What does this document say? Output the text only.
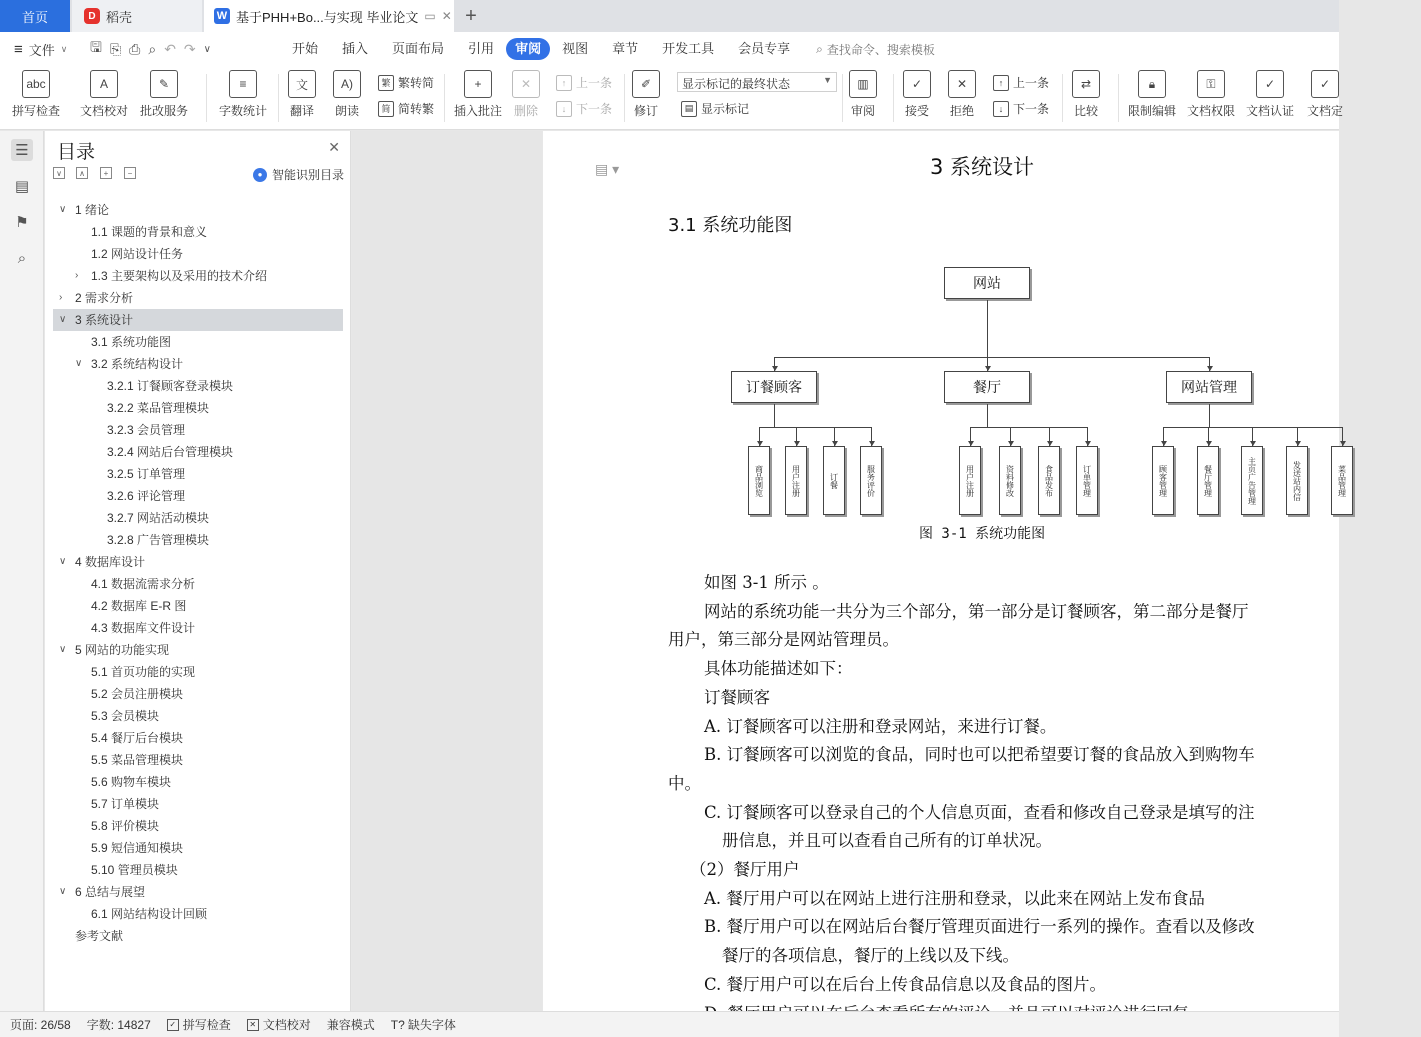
首页	D 稻壳	W 基于PHH+Bo...与实现 毕业论文 ▭ ✕ +
≡ 文件 ∨ 🖫 ⎘ ⎙ ⌕ ↶ ↷ ∨	开始	插入	页面布局	引用	审阅	视图	章节	开发工具	会员专享	⌕ 查找命令、搜索模板
abc
拼写检查
A
文档校对
✎
批改服务
≡
字数统计
文
翻译
A)
朗读
繁 繁转简
简 简转繁
+
插入批注
✕
删除
↑ 上一条
↓ 下一条
✐
修订
显示标记的最终状态	▼
▤ 显示标记
▥
审阅
✓
接受
✕
拒绝
↑ 上一条
↓ 下一条
⇄
比较
🔒︎
限制编辑
⚿
文档权限
✓
文档认证
✓
文档定
☰
▤
⚑
⌕
目录	✕
∨	∧	+	−	● 智能识别目录
∨ 1 绪论
1.1 课题的背景和意义
1.2 网站设计任务
› 1.3 主要架构以及采用的技术介绍
› 2 需求分析
∨ 3 系统设计
3.1 系统功能图
∨ 3.2 系统结构设计
3.2.1 订餐顾客登录模块
3.2.2 菜品管理模块
3.2.3 会员管理
3.2.4 网站后台管理模块
3.2.5 订单管理
3.2.6 评论管理
3.2.7 网站活动模块
3.2.8 广告管理模块
∨ 4 数据库设计
4.1 数据流需求分析
4.2 数据库 E-R 图
4.3 数据库文件设计
∨ 5 网站的功能实现
5.1 首页功能的实现
5.2 会员注册模块
5.3 会员模块
5.4 餐厅后台模块
5.5 菜品管理模块
5.6 购物车模块
5.7 订单模块
5.8 评价模块
5.9 短信通知模块
5.10 管理员模块
∨ 6 总结与展望
6.1 网站结构设计回顾
参考文献
▤ ▾	3 系统设计
3.1 系统功能图
网站
订餐顾客
商品浏览	用户注册	订餐	服务评价
餐厅
用户注册	资料修改	食品发布	订单管理
网站管理
顾客管理	餐厅管理	主页广告管理	发送站内信	菜品管理
图 3-1 系统功能图
如图 3-1 所示 。
网站的系统功能一共分为三个部分，第一部分是订餐顾客，第二部分是餐厅
用户，第三部分是网站管理员。
具体功能描述如下：
订餐顾客
A. 订餐顾客可以注册和登录网站，来进行订餐。
B. 订餐顾客可以浏览的食品，同时也可以把希望要订餐的食品放入到购物车
中。
C. 订餐顾客可以登录自己的个人信息页面，查看和修改自己登录是填写的注
册信息，并且可以查看自己所有的订单状况。
（2）餐厅用户
A. 餐厅用户可以在网站上进行注册和登录，以此来在网站上发布食品
B. 餐厅用户可以在网站后台餐厅管理页面进行一系列的操作。查看以及修改
餐厅的各项信息，餐厅的上线以及下线。
C. 餐厅用户可以在后台上传食品信息以及食品的图片。
页面: 26/58 字数: 14827	✓ 拼写检查	✕ 文档校对 兼容模式 T? 缺失字体
